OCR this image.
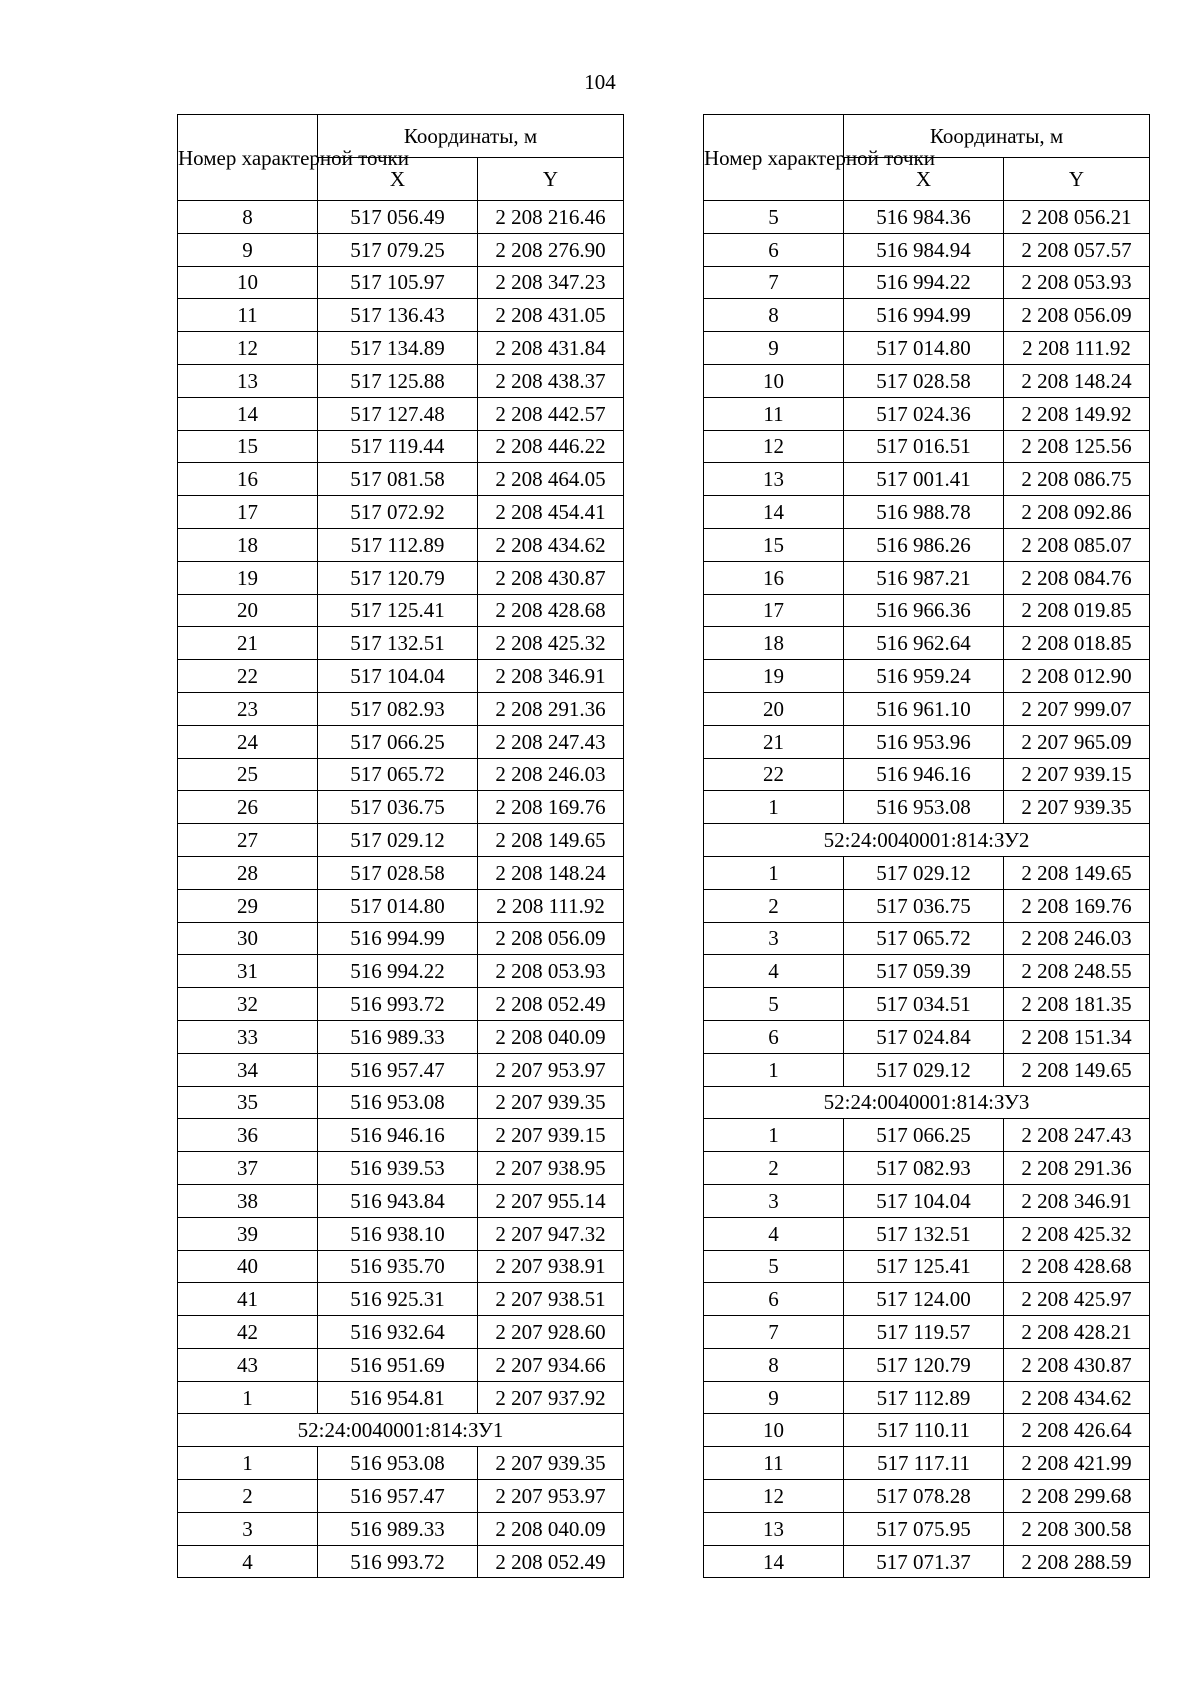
104
Номер характерной точки	Координаты, м	
	X	Y
8	517 056.49	2 208 216.46
9	517 079.25	2 208 276.90
10	517 105.97	2 208 347.23
11	517 136.43	2 208 431.05
12	517 134.89	2 208 431.84
13	517 125.88	2 208 438.37
14	517 127.48	2 208 442.57
15	517 119.44	2 208 446.22
16	517 081.58	2 208 464.05
17	517 072.92	2 208 454.41
18	517 112.89	2 208 434.62
19	517 120.79	2 208 430.87
20	517 125.41	2 208 428.68
21	517 132.51	2 208 425.32
22	517 104.04	2 208 346.91
23	517 082.93	2 208 291.36
24	517 066.25	2 208 247.43
25	517 065.72	2 208 246.03
26	517 036.75	2 208 169.76
27	517 029.12	2 208 149.65
28	517 028.58	2 208 148.24
29	517 014.80	2 208 111.92
30	516 994.99	2 208 056.09
31	516 994.22	2 208 053.93
32	516 993.72	2 208 052.49
33	516 989.33	2 208 040.09
34	516 957.47	2 207 953.97
35	516 953.08	2 207 939.35
36	516 946.16	2 207 939.15
37	516 939.53	2 207 938.95
38	516 943.84	2 207 955.14
39	516 938.10	2 207 947.32
40	516 935.70	2 207 938.91
41	516 925.31	2 207 938.51
42	516 932.64	2 207 928.60
43	516 951.69	2 207 934.66
1	516 954.81	2 207 937.92
52:24:0040001:814:ЗУ1		
1	516 953.08	2 207 939.35
2	516 957.47	2 207 953.97
3	516 989.33	2 208 040.09
4	516 993.72	2 208 052.49
Номер характерной точки	Координаты, м	
	X	Y
5	516 984.36	2 208 056.21
6	516 984.94	2 208 057.57
7	516 994.22	2 208 053.93
8	516 994.99	2 208 056.09
9	517 014.80	2 208 111.92
10	517 028.58	2 208 148.24
11	517 024.36	2 208 149.92
12	517 016.51	2 208 125.56
13	517 001.41	2 208 086.75
14	516 988.78	2 208 092.86
15	516 986.26	2 208 085.07
16	516 987.21	2 208 084.76
17	516 966.36	2 208 019.85
18	516 962.64	2 208 018.85
19	516 959.24	2 208 012.90
20	516 961.10	2 207 999.07
21	516 953.96	2 207 965.09
22	516 946.16	2 207 939.15
1	516 953.08	2 207 939.35
52:24:0040001:814:ЗУ2		
1	517 029.12	2 208 149.65
2	517 036.75	2 208 169.76
3	517 065.72	2 208 246.03
4	517 059.39	2 208 248.55
5	517 034.51	2 208 181.35
6	517 024.84	2 208 151.34
1	517 029.12	2 208 149.65
52:24:0040001:814:ЗУ3		
1	517 066.25	2 208 247.43
2	517 082.93	2 208 291.36
3	517 104.04	2 208 346.91
4	517 132.51	2 208 425.32
5	517 125.41	2 208 428.68
6	517 124.00	2 208 425.97
7	517 119.57	2 208 428.21
8	517 120.79	2 208 430.87
9	517 112.89	2 208 434.62
10	517 110.11	2 208 426.64
11	517 117.11	2 208 421.99
12	517 078.28	2 208 299.68
13	517 075.95	2 208 300.58
14	517 071.37	2 208 288.59
